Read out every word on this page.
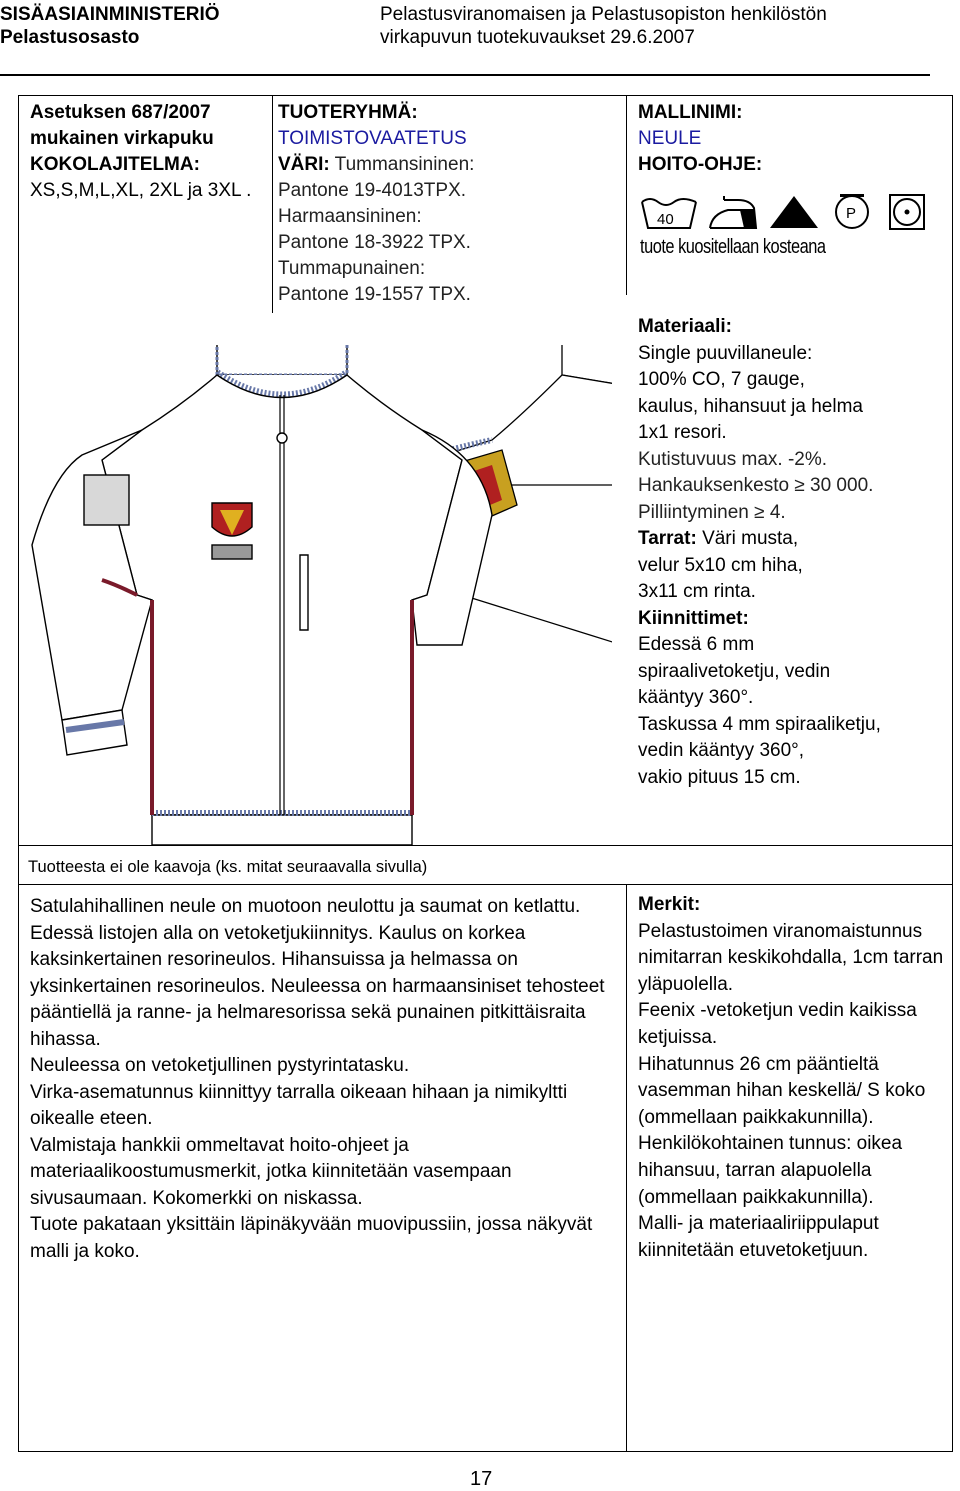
SISÄASIAINMINISTERIÖ
Pelastusosasto
Pelastusviranomaisen ja Pelastusopiston henkilöstön
virkapuvun tuotekuvaukset 29.6.2007

Asetuksen 687/2007 mukainen virkapuku

KOKOLAJITELMA:

XS,S,M,L,XL, 2XL ja 3XL .

TUOTERYHMÄ:

TOIMISTOVAATETUS

VÄRI: Tummansininen:

Pantone 19-4013TPX.

Harmaansininen:

Pantone 18-3922 TPX.

Tummapunainen:

Pantone 19-1557 TPX.

MALLINIMI:

NEULE

HOITO-OHJE:

40	P
tuote kuositellaan kosteana

Materiaali:

Single puuvillaneule:

100% CO, 7 gauge,

kaulus, hihansuut ja helma

1x1 resori.

Kutistuvuus max. -2%.

Hankauksenkesto ≥ 30 000.

Pilliintyminen ≥ 4.

Tarrat: Väri musta,

velur 5x10 cm hiha,

3x11 cm rinta.

Kiinnittimet:

Edessä 6 mm

spiraalivetoketju, vedin

kääntyy 360°.

Taskussa 4 mm spiraaliketju,

vedin kääntyy 360°,

vakio pituus 15 cm.

Tuotteesta ei ole kaavoja (ks. mitat seuraavalla sivulla)

Satulahihallinen neule on muotoon neulottu ja saumat on ketlattu. Edessä listojen alla on vetoketjukiinnitys. Kaulus on korkea kaksinkertainen resorineulos. Hihansuissa ja helmassa on yksinkertainen resorineulos. Neuleessa on harmaansiniset tehosteet pääntiellä ja ranne- ja helmaresorissa sekä punainen pitkittäisraita hihassa.

Neuleessa on vetoketjullinen pystyrintatasku.

Virka-asematunnus kiinnittyy tarralla oikeaan hihaan ja nimikyltti oikealle eteen.

Valmistaja hankkii ommeltavat hoito-ohjeet ja materiaalikoostumusmerkit, jotka kiinnitetään vasempaan sivusaumaan. Kokomerkki on niskassa.

Tuote pakataan yksittäin läpinäkyvään muovipussiin, jossa näkyvät malli ja koko.

Merkit:

Pelastustoimen viranomaistunnus nimitarran keskikohdalla, 1cm tarran yläpuolella.

Feenix -vetoketjun vedin kaikissa ketjuissa.

Hihatunnus 26 cm pääntieltä vasemman hihan keskellä/ S koko (ommellaan paikkakunnilla).

Henkilökohtainen tunnus: oikea hihansuu, tarran alapuolella (ommellaan paikkakunnilla).

Malli- ja materiaaliriippulaput kiinnitetään etuvetoketjuun.

17
